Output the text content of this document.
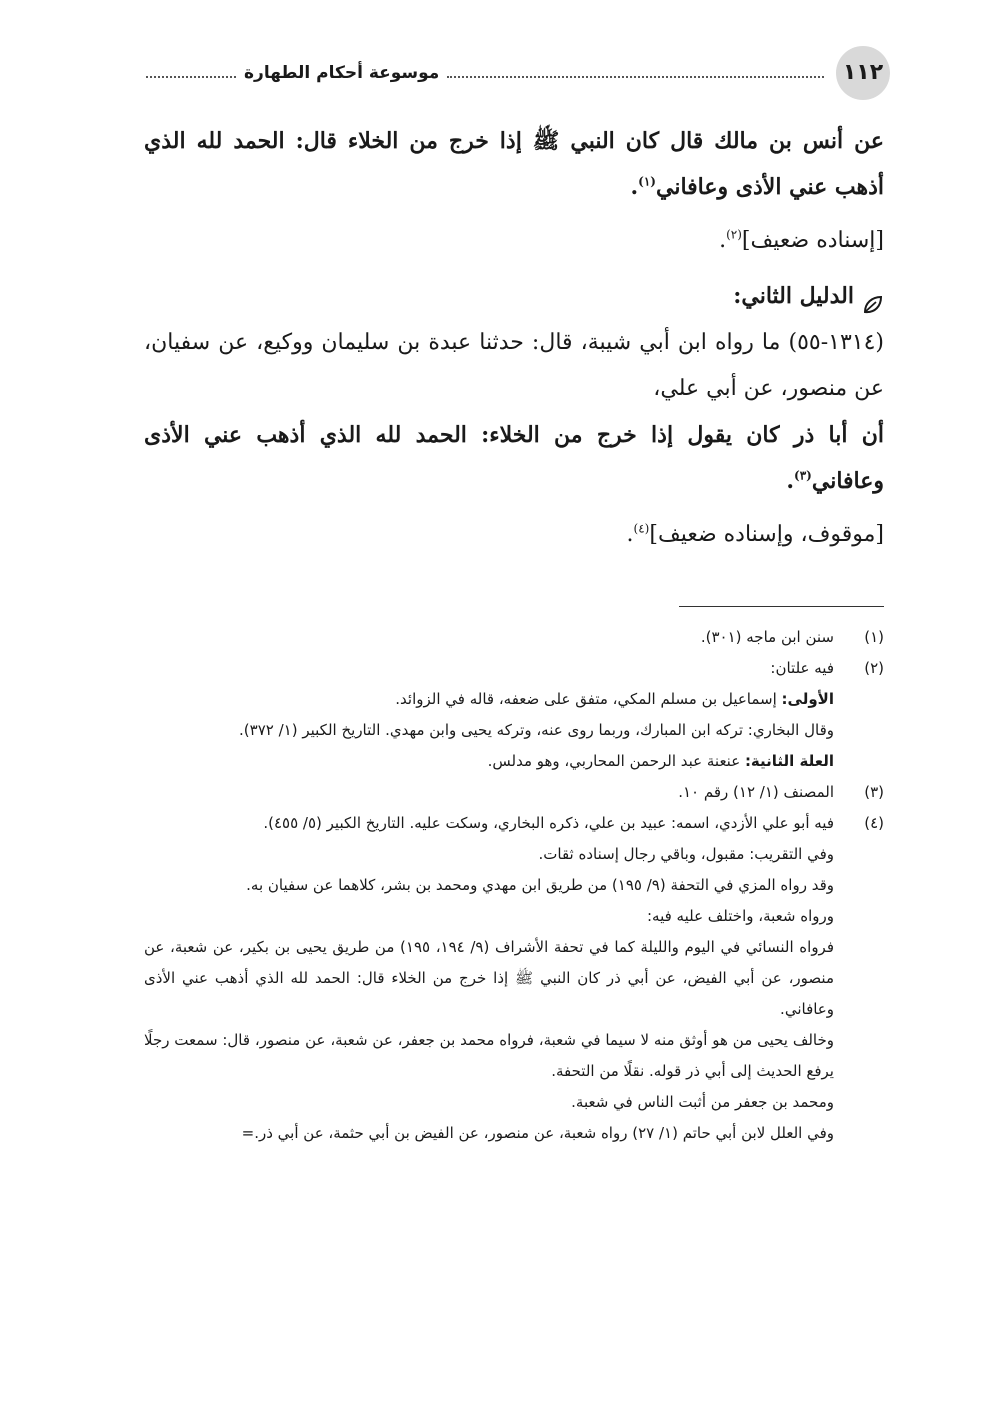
١١٢
موسوعة أحكام الطهارة

عن أنس بن مالك قال كان النبي ﷺ إذا خرج من الخلاء قال: الحمد لله الذي أذهب عني الأذى وعافاني$^{(١)}$.

[إسناده ضعيف]$^{(٢)}$.

الدليل الثاني:

(١٣١٤-٥٥) ما رواه ابن أبي شيبة، قال: حدثنا عبدة بن سليمان ووكيع، عن سفيان، عن منصور، عن أبي علي،

أن أبا ذر كان يقول إذا خرج من الخلاء: الحمد لله الذي أذهب عني الأذى وعافاني$^{(٣)}$.

[موقوف، وإسناده ضعيف]$^{(٤)}$.

(١)
سنن ابن ماجه (٣٠١).
(٢)
فيه علتان:
الأولى: إسماعيل بن مسلم المكي، متفق على ضعفه، قاله في الزوائد.
وقال البخاري: تركه ابن المبارك، وربما روى عنه، وتركه يحيى وابن مهدي. التاريخ الكبير (١/ ٣٧٢).
العلة الثانية: عنعنة عبد الرحمن المحاربي، وهو مدلس.
(٣)
المصنف (١/ ١٢) رقم ١٠.
(٤)
فيه أبو علي الأزدي، اسمه: عبيد بن علي، ذكره البخاري، وسكت عليه. التاريخ الكبير (٥/ ٤٥٥).
وفي التقريب: مقبول، وباقي رجال إسناده ثقات.
وقد رواه المزي في التحفة (٩/ ١٩٥) من طريق ابن مهدي ومحمد بن بشر، كلاهما عن سفيان به.
ورواه شعبة، واختلف عليه فيه:
فرواه النسائي في اليوم والليلة كما في تحفة الأشراف (٩/ ١٩٤، ١٩٥) من طريق يحيى بن بكير، عن شعبة، عن منصور، عن أبي الفيض، عن أبي ذر كان النبي ﷺ إذا خرج من الخلاء قال: الحمد لله الذي أذهب عني الأذى وعافاني.
وخالف يحيى من هو أوثق منه لا سيما في شعبة، فرواه محمد بن جعفر، عن شعبة، عن منصور، قال: سمعت رجلًا يرفع الحديث إلى أبي ذر قوله. نقلًا من التحفة.
ومحمد بن جعفر من أثبت الناس في شعبة.
وفي العلل لابن أبي حاتم (١/ ٢٧) رواه شعبة، عن منصور، عن الفيض بن أبي حثمة، عن أبي ذر.=
